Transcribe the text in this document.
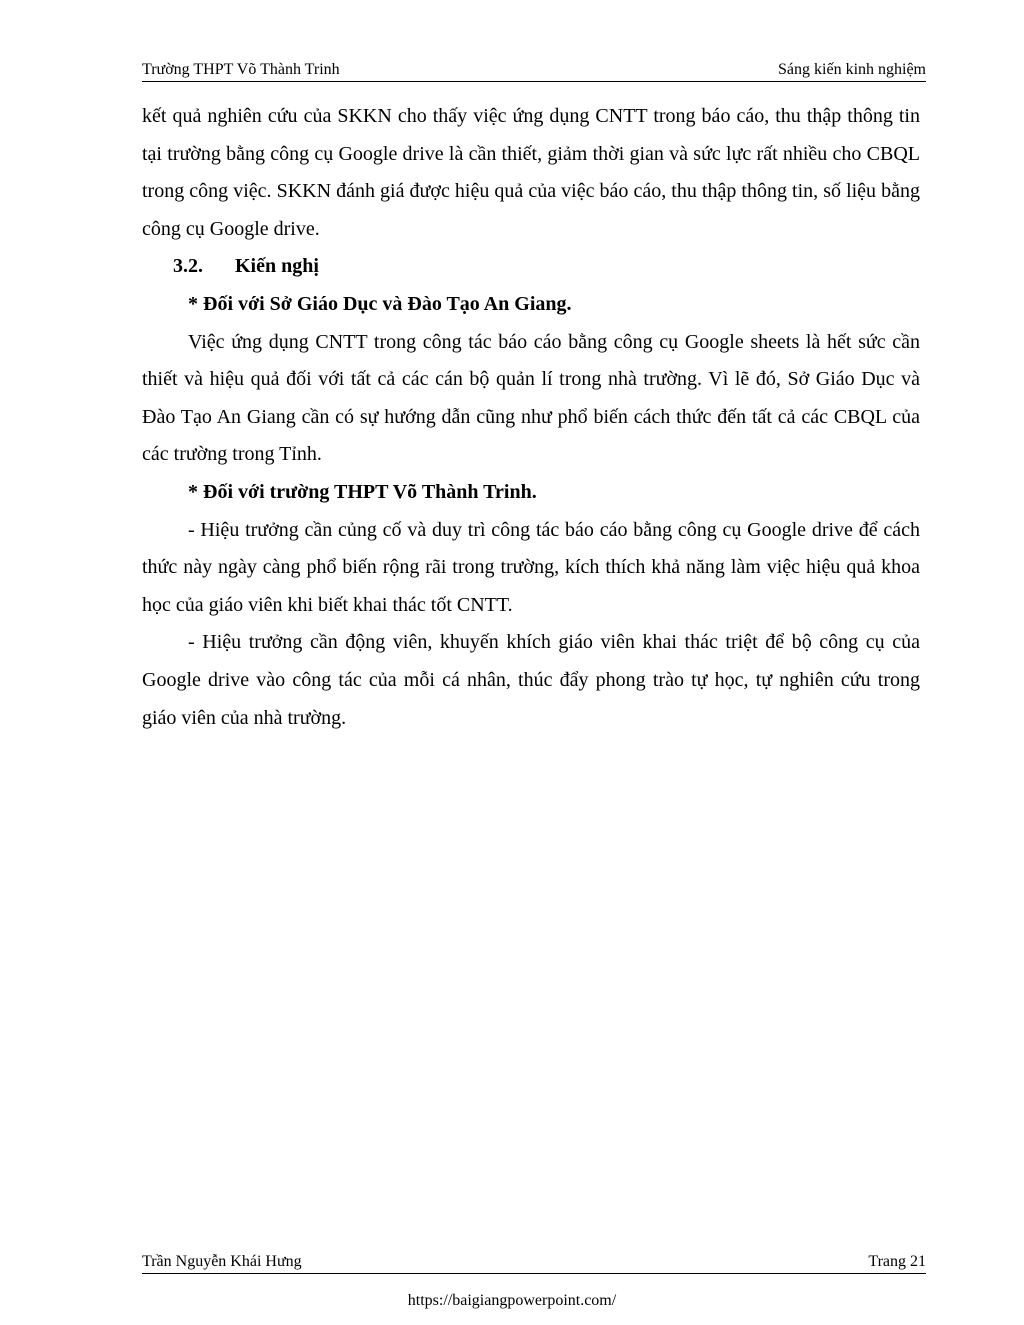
Trường THPT Võ Thành Trinh	Sáng kiến kinh nghiệm

kết quả nghiên cứu của SKKN cho thấy việc ứng dụng CNTT trong báo cáo, thu thập thông tin tại trường bằng công cụ Google drive là cần thiết, giảm thời gian và sức lực rất nhiều cho CBQL trong công việc. SKKN đánh giá được hiệu quả của việc báo cáo, thu thập thông tin, số liệu bằng công cụ Google drive.

3.2.	Kiến nghị

* Đối với Sở Giáo Dục và Đào Tạo An Giang.

Việc ứng dụng CNTT trong công tác báo cáo bằng công cụ Google sheets là hết sức cần thiết và hiệu quả đối với tất cả các cán bộ quản lí trong nhà trường. Vì lẽ đó, Sở Giáo Dục và Đào Tạo An Giang cần có sự hướng dẫn cũng như phổ biến cách thức đến tất cả các CBQL của các trường trong Tỉnh.

* Đối với trường THPT Võ Thành Trinh.

- Hiệu trưởng cần củng cố và duy trì công tác báo cáo bằng công cụ Google drive để cách thức này ngày càng phổ biến rộng rãi trong trường, kích thích khả năng làm việc hiệu quả khoa học của giáo viên khi biết khai thác tốt CNTT.

- Hiệu trưởng cần động viên, khuyến khích giáo viên khai thác triệt để bộ công cụ của Google drive vào công tác của mỗi cá nhân, thúc đẩy phong trào tự học, tự nghiên cứu trong giáo viên của nhà trường.

Trần Nguyễn Khái Hưng	Trang 21
https://baigiangpowerpoint.com/
